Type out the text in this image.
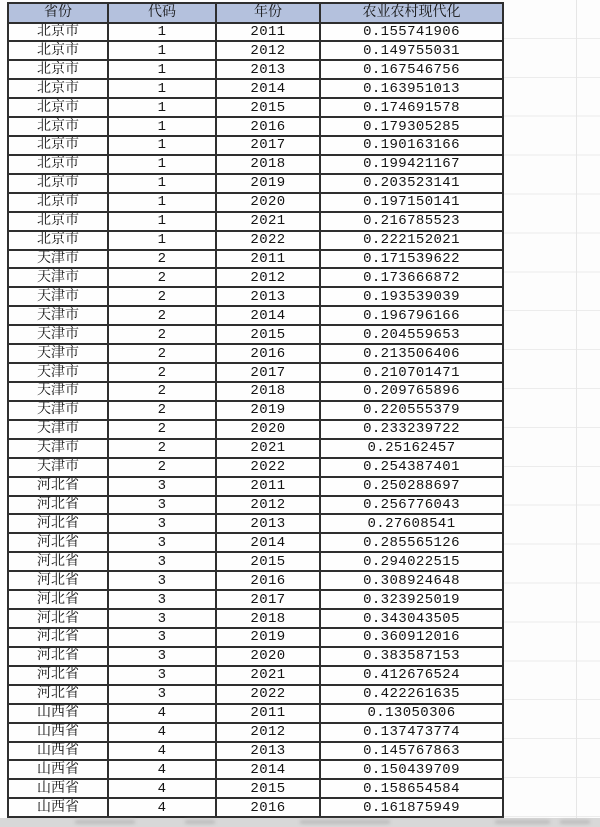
省份	代码	年份	农业农村现代化
北京市	1	2011	0.155741906
北京市	1	2012	0.149755031
北京市	1	2013	0.167546756
北京市	1	2014	0.163951013
北京市	1	2015	0.174691578
北京市	1	2016	0.179305285
北京市	1	2017	0.190163166
北京市	1	2018	0.199421167
北京市	1	2019	0.203523141
北京市	1	2020	0.197150141
北京市	1	2021	0.216785523
北京市	1	2022	0.222152021
天津市	2	2011	0.171539622
天津市	2	2012	0.173666872
天津市	2	2013	0.193539039
天津市	2	2014	0.196796166
天津市	2	2015	0.204559653
天津市	2	2016	0.213506406
天津市	2	2017	0.210701471
天津市	2	2018	0.209765896
天津市	2	2019	0.220555379
天津市	2	2020	0.233239722
天津市	2	2021	0.25162457
天津市	2	2022	0.254387401
河北省	3	2011	0.250288697
河北省	3	2012	0.256776043
河北省	3	2013	0.27608541
河北省	3	2014	0.285565126
河北省	3	2015	0.294022515
河北省	3	2016	0.308924648
河北省	3	2017	0.323925019
河北省	3	2018	0.343043505
河北省	3	2019	0.360912016
河北省	3	2020	0.383587153
河北省	3	2021	0.412676524
河北省	3	2022	0.422261635
山西省	4	2011	0.13050306
山西省	4	2012	0.137473774
山西省	4	2013	0.145767863
山西省	4	2014	0.150439709
山西省	4	2015	0.158654584
山西省	4	2016	0.161875949
